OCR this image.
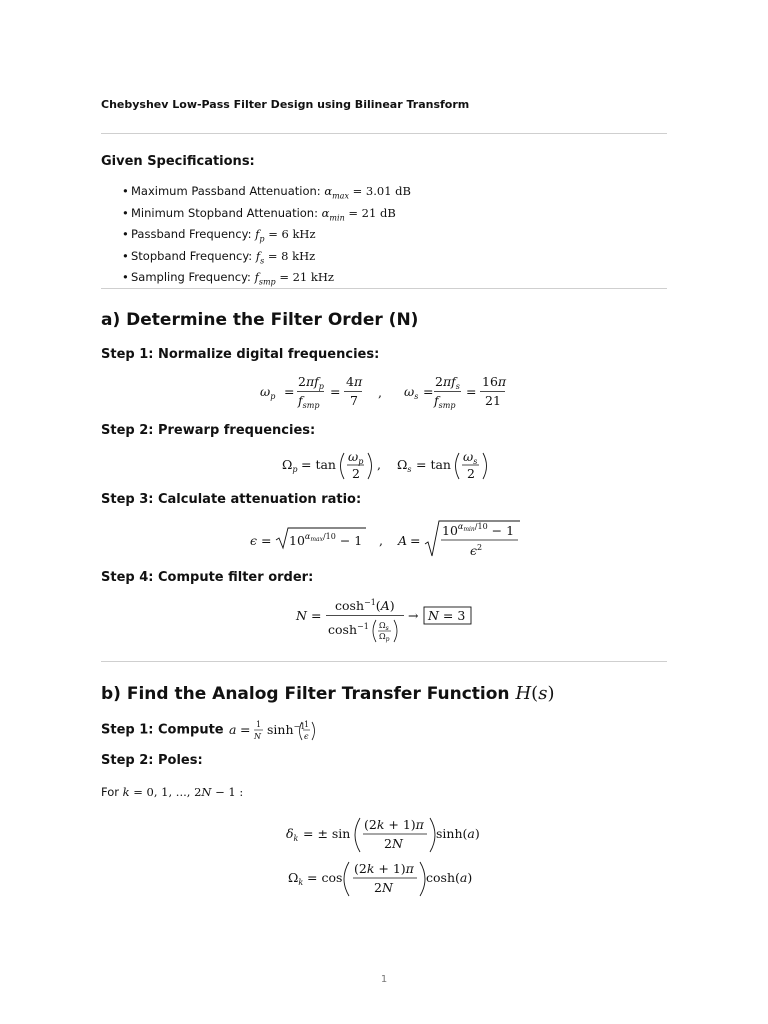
Chebyshev Low-Pass Filter Design using Bilinear Transform
Given Specifications:
• Maximum Passband Attenuation: $\alpha_{max} = 3.01$ dB
• Minimum Stopband Attenuation: $\alpha_{min} = 21$ dB
• Passband Frequency: $f_p = 6$ kHz
• Stopband Frequency: $f_s = 8$ kHz
• Sampling Frequency: $f_{smp} = 21$ kHz
a) Determine the Filter Order (N)
Step 1: Normalize digital frequencies:
$\omega_p$ =
$2\pi f_p$
$f_{smp}$
=
4π
7
, $\omega_s$ =
$2\pi f_s$
$f_{smp}$
=
16π
21
Step 2: Prewarp frequencies:
$\Omega_p = \tan$
$\omega_p$
2
, $\Omega_s = \tan$
$\omega_s$
2
Step 3: Calculate attenuation ratio:
$\epsilon = 10^\alpha\max/10 - 1$ , A =
$10^\alpha\min/10 - 1$
$\epsilon^2$
Step 4: Compute filter order:
N =
$\cosh^{-1}(A)$
$\cosh^{-1} \Omega_s$
$\Omega_p$
→ N = 3
b) Find the Analog Filter Transfer Function H(s)
Step 1: Compute a = 1
N $\sinh^{-1}$
1
ϵ
Step 2: Poles:
For k = 0, 1, ..., 2N − 1 :
$\delta_k$ = ± sin
(2k + 1)π
2N
sinh(a)
$\Omega_k = \cos$
(2k + 1)π
2N
cosh(a)
1
